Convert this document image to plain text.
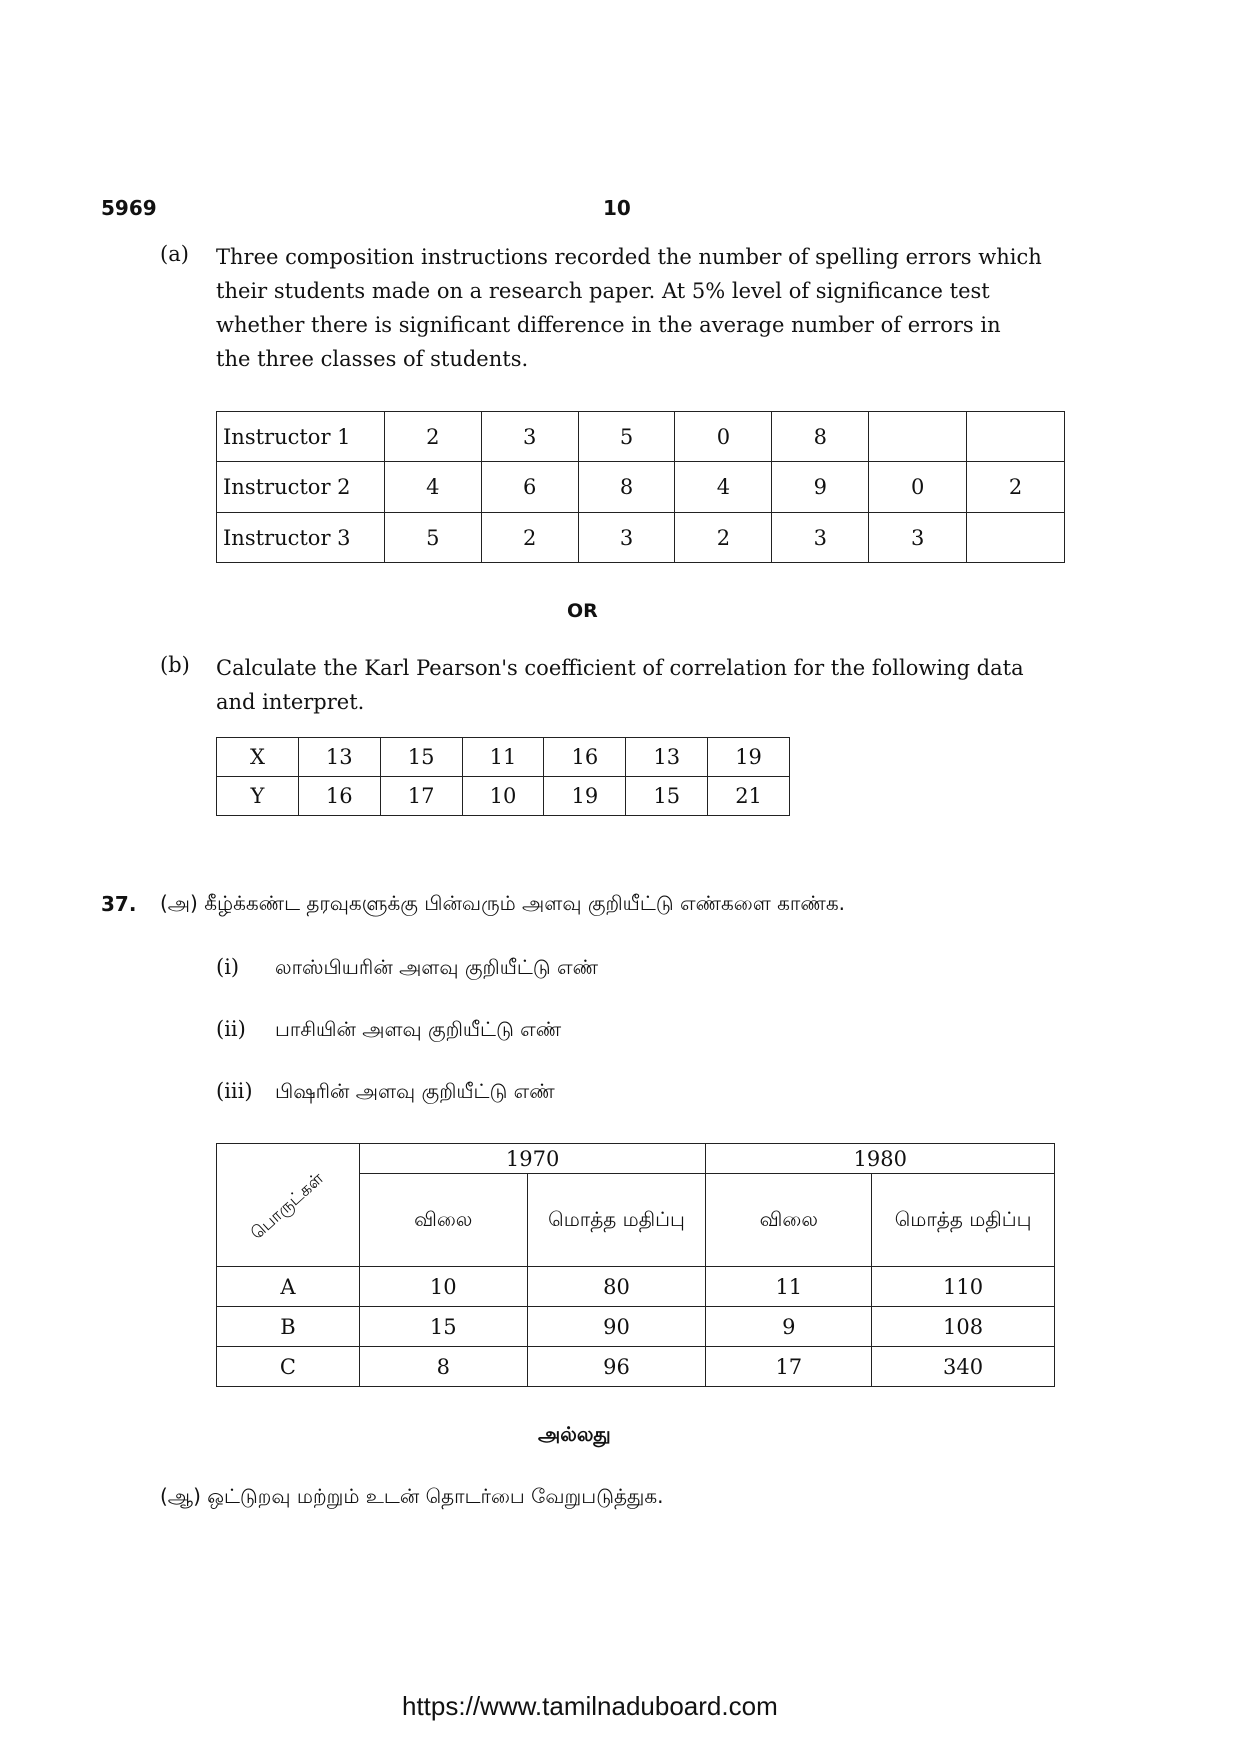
5969	10
(a) Three composition instructions recorded the number of spelling errors which
their students made on a research paper. At 5% level of significance test
whether there is significant difference in the average number of errors in
the three classes of students.
Instructor 1	2	3	5	0	8		
Instructor 2	4	6	8	4	9	0	2
Instructor 3	5	2	3	2	3	3	
OR
(b) Calculate the Karl Pearson's coefficient of correlation for the following data
and interpret.
X	13	15	11	16	13	19
Y	16	17	10	19	15	21
37. (அ) கீழ்க்கண்ட தரவுகளுக்கு பின்வரும் அளவு குறியீட்டு எண்களை காண்க.
(i) லாஸ்பியரின் அளவு குறியீட்டு எண்
(ii) பாசியின் அளவு குறியீட்டு எண்
(iii) பிஷரின் அளவு குறியீட்டு எண்
பொருட்கள்	1970		1980	
	விலை	மொத்த மதிப்பு	விலை	மொத்த மதிப்பு
A	10	80	11	110
B	15	90	9	108
C	8	96	17	340
அல்லது
(ஆ) ஒட்டுறவு மற்றும் உடன் தொடர்பை வேறுபடுத்துக.
https://www.tamilnaduboard.com
